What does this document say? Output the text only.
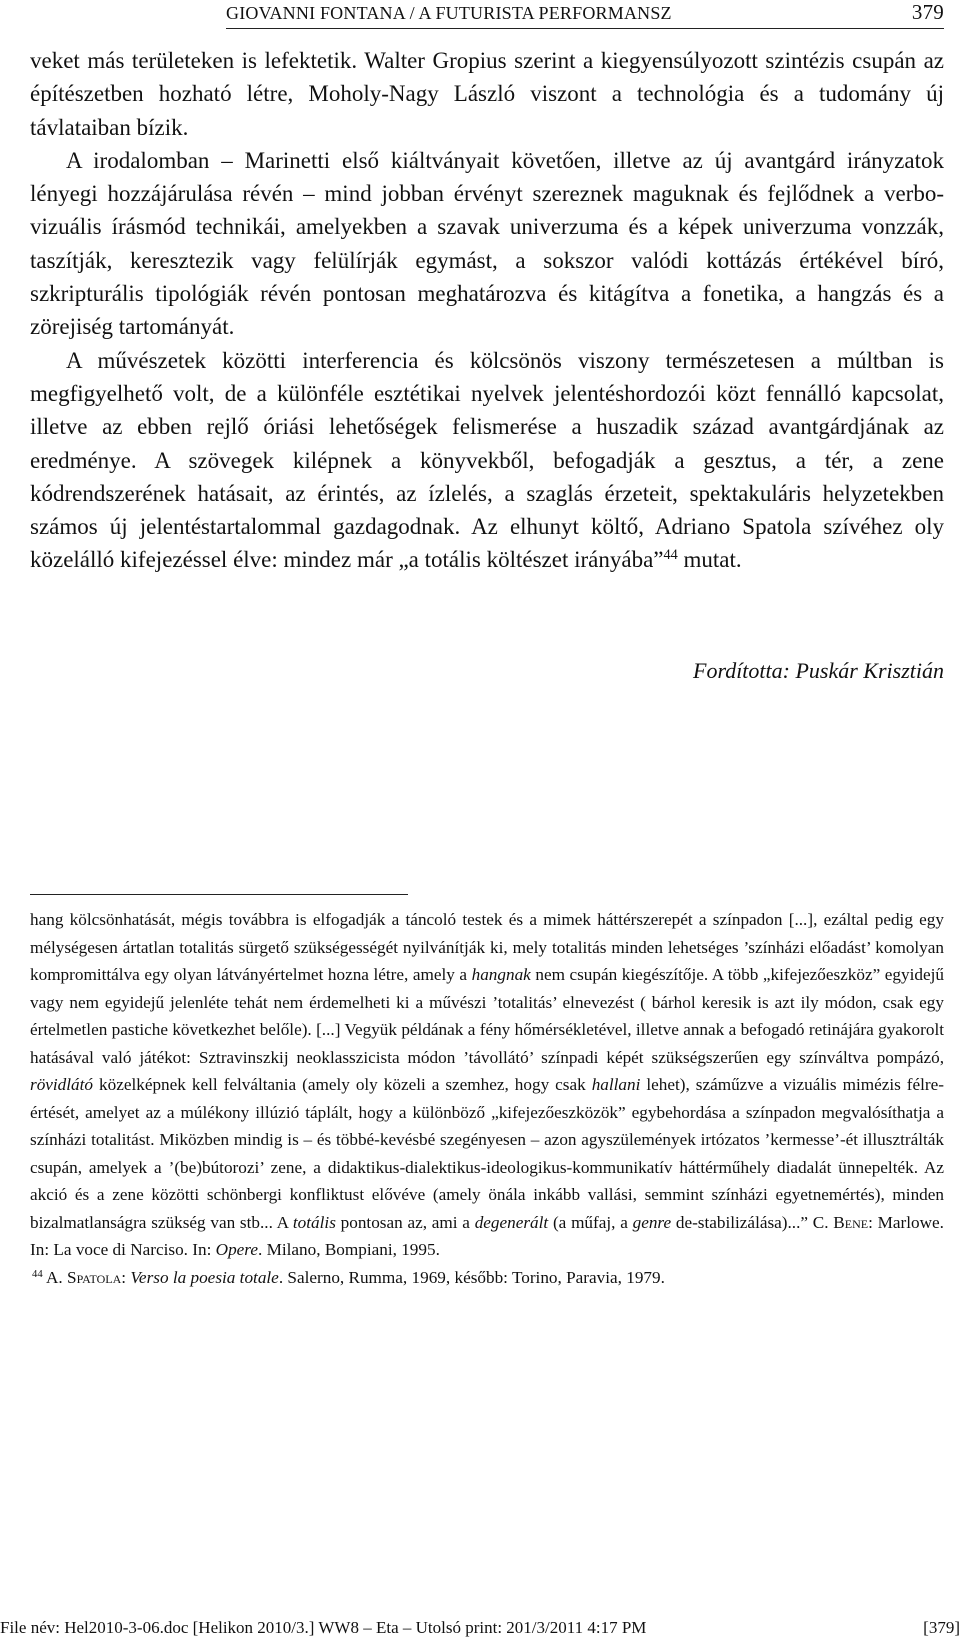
GIOVANNI FONTANA / A FUTURISTA PERFORMANSZ	379

veket más területeken is lefektetik. Walter Gropius szerint a kiegyensúlyozott szintézis csupán az építészetben hozható létre, Moholy-Nagy László viszont a technológia és a tudomány új távlataiban bízik.

A irodalomban – Marinetti első kiáltványait követően, illetve az új avantgárd irányzatok lényegi hozzájárulása révén – mind jobban érvényt szereznek maguknak és fejlődnek a verbo-vizuális írásmód technikái, amelyekben a szavak univerzuma és a képek univerzuma vonzzák, taszítják, keresztezik vagy felülírják egymást, a sokszor valódi kottázás értékével bíró, szkripturális tipológiák révén pontosan meghatározva és kitágítva a fonetika, a hangzás és a zörejiség tartományát.

A művészetek közötti interferencia és kölcsönös viszony természetesen a múltban is megfigyelhető volt, de a különféle esztétikai nyelvek jelentéshordozói közt fennálló kapcsolat, illetve az ebben rejlő óriási lehetőségek felismerése a huszadik század avantgárdjának az eredménye. A szövegek kilépnek a könyvekből, befogadják a gesztus, a tér, a zene kódrendszerének hatásait, az érintés, az ízlelés, a szaglás érzeteit, spektakuláris helyzetekben számos új jelentéstartalommal gazdagodnak. Az elhunyt költő, Adriano Spatola szívéhez oly közelálló kifejezéssel élve: mindez már „a totális költészet irányába”$^{44}$ mutat.

Fordította: Puskár Krisztián

hang kölcsönhatását, mégis továbbra is elfogadják a táncoló testek és a mimek háttérszerepét a színpadon [...], ezáltal pedig egy mélységesen ártatlan totalitás sürgető szükségességét nyilvánítják ki, mely totalitás minden lehetséges ’színházi előadást’ komolyan kompromittálva egy olyan látványértelmet hozna létre, amely a hangnak nem csupán kiegészítője. A több „kifejezőeszköz” egyidejű vagy nem egyidejű jelenléte tehát nem érdemelheti ki a művészi ’totalitás’ elnevezést ( bárhol keresik is azt ily módon, csak egy értelmetlen pastiche következhet belőle). [...] Vegyük példának a fény hőmérsékletével, illetve annak a befogadó retinájára gyakorolt hatásával való játékot: Sztravinszkij neoklasszicista módon ’távollátó’ színpadi képét szükségszerűen egy színváltva pompázó, rövidlátó közelképnek kell felváltania (amely oly közeli a szemhez, hogy csak hallani lehet), száműzve a vizuális mimézis félreértését, amelyet az a múlékony illúzió táplált, hogy a különböző „kifejezőeszközök” egybehordása a színpadon megvalósíthatja a színházi totalitást. Miközben mindig is – és többé-kevésbé szegényesen – azon agyszülemények irtózatos ’kermesse’-ét illusztrálták csupán, amelyek a ’(be)bútorozi’ zene, a didaktikus-dialektikus-ideologikus-kommunikatív háttérműhely diadalát ünnepelték. Az akció és a zene közötti schönbergi konfliktust elővéve (amely önála inkább vallási, semmint színházi egyetnemértés), minden bizalmatlanságra szükség van stb... A totális pontosan az, ami a degenerált (a műfaj, a genre de-stabilizálása)...” C. Bene: Marlowe. In: La voce di Narciso. In: Opere. Milano, Bompiani, 1995.

$^{44}$ A. Spatola: Verso la poesia totale. Salerno, Rumma, 1969, később: Torino, Paravia, 1979.

File név: Hel2010-3-06.doc [Helikon 2010/3.] WW8 – Eta – Utolsó print: 201/3/2011 4:17 PM	[379]
